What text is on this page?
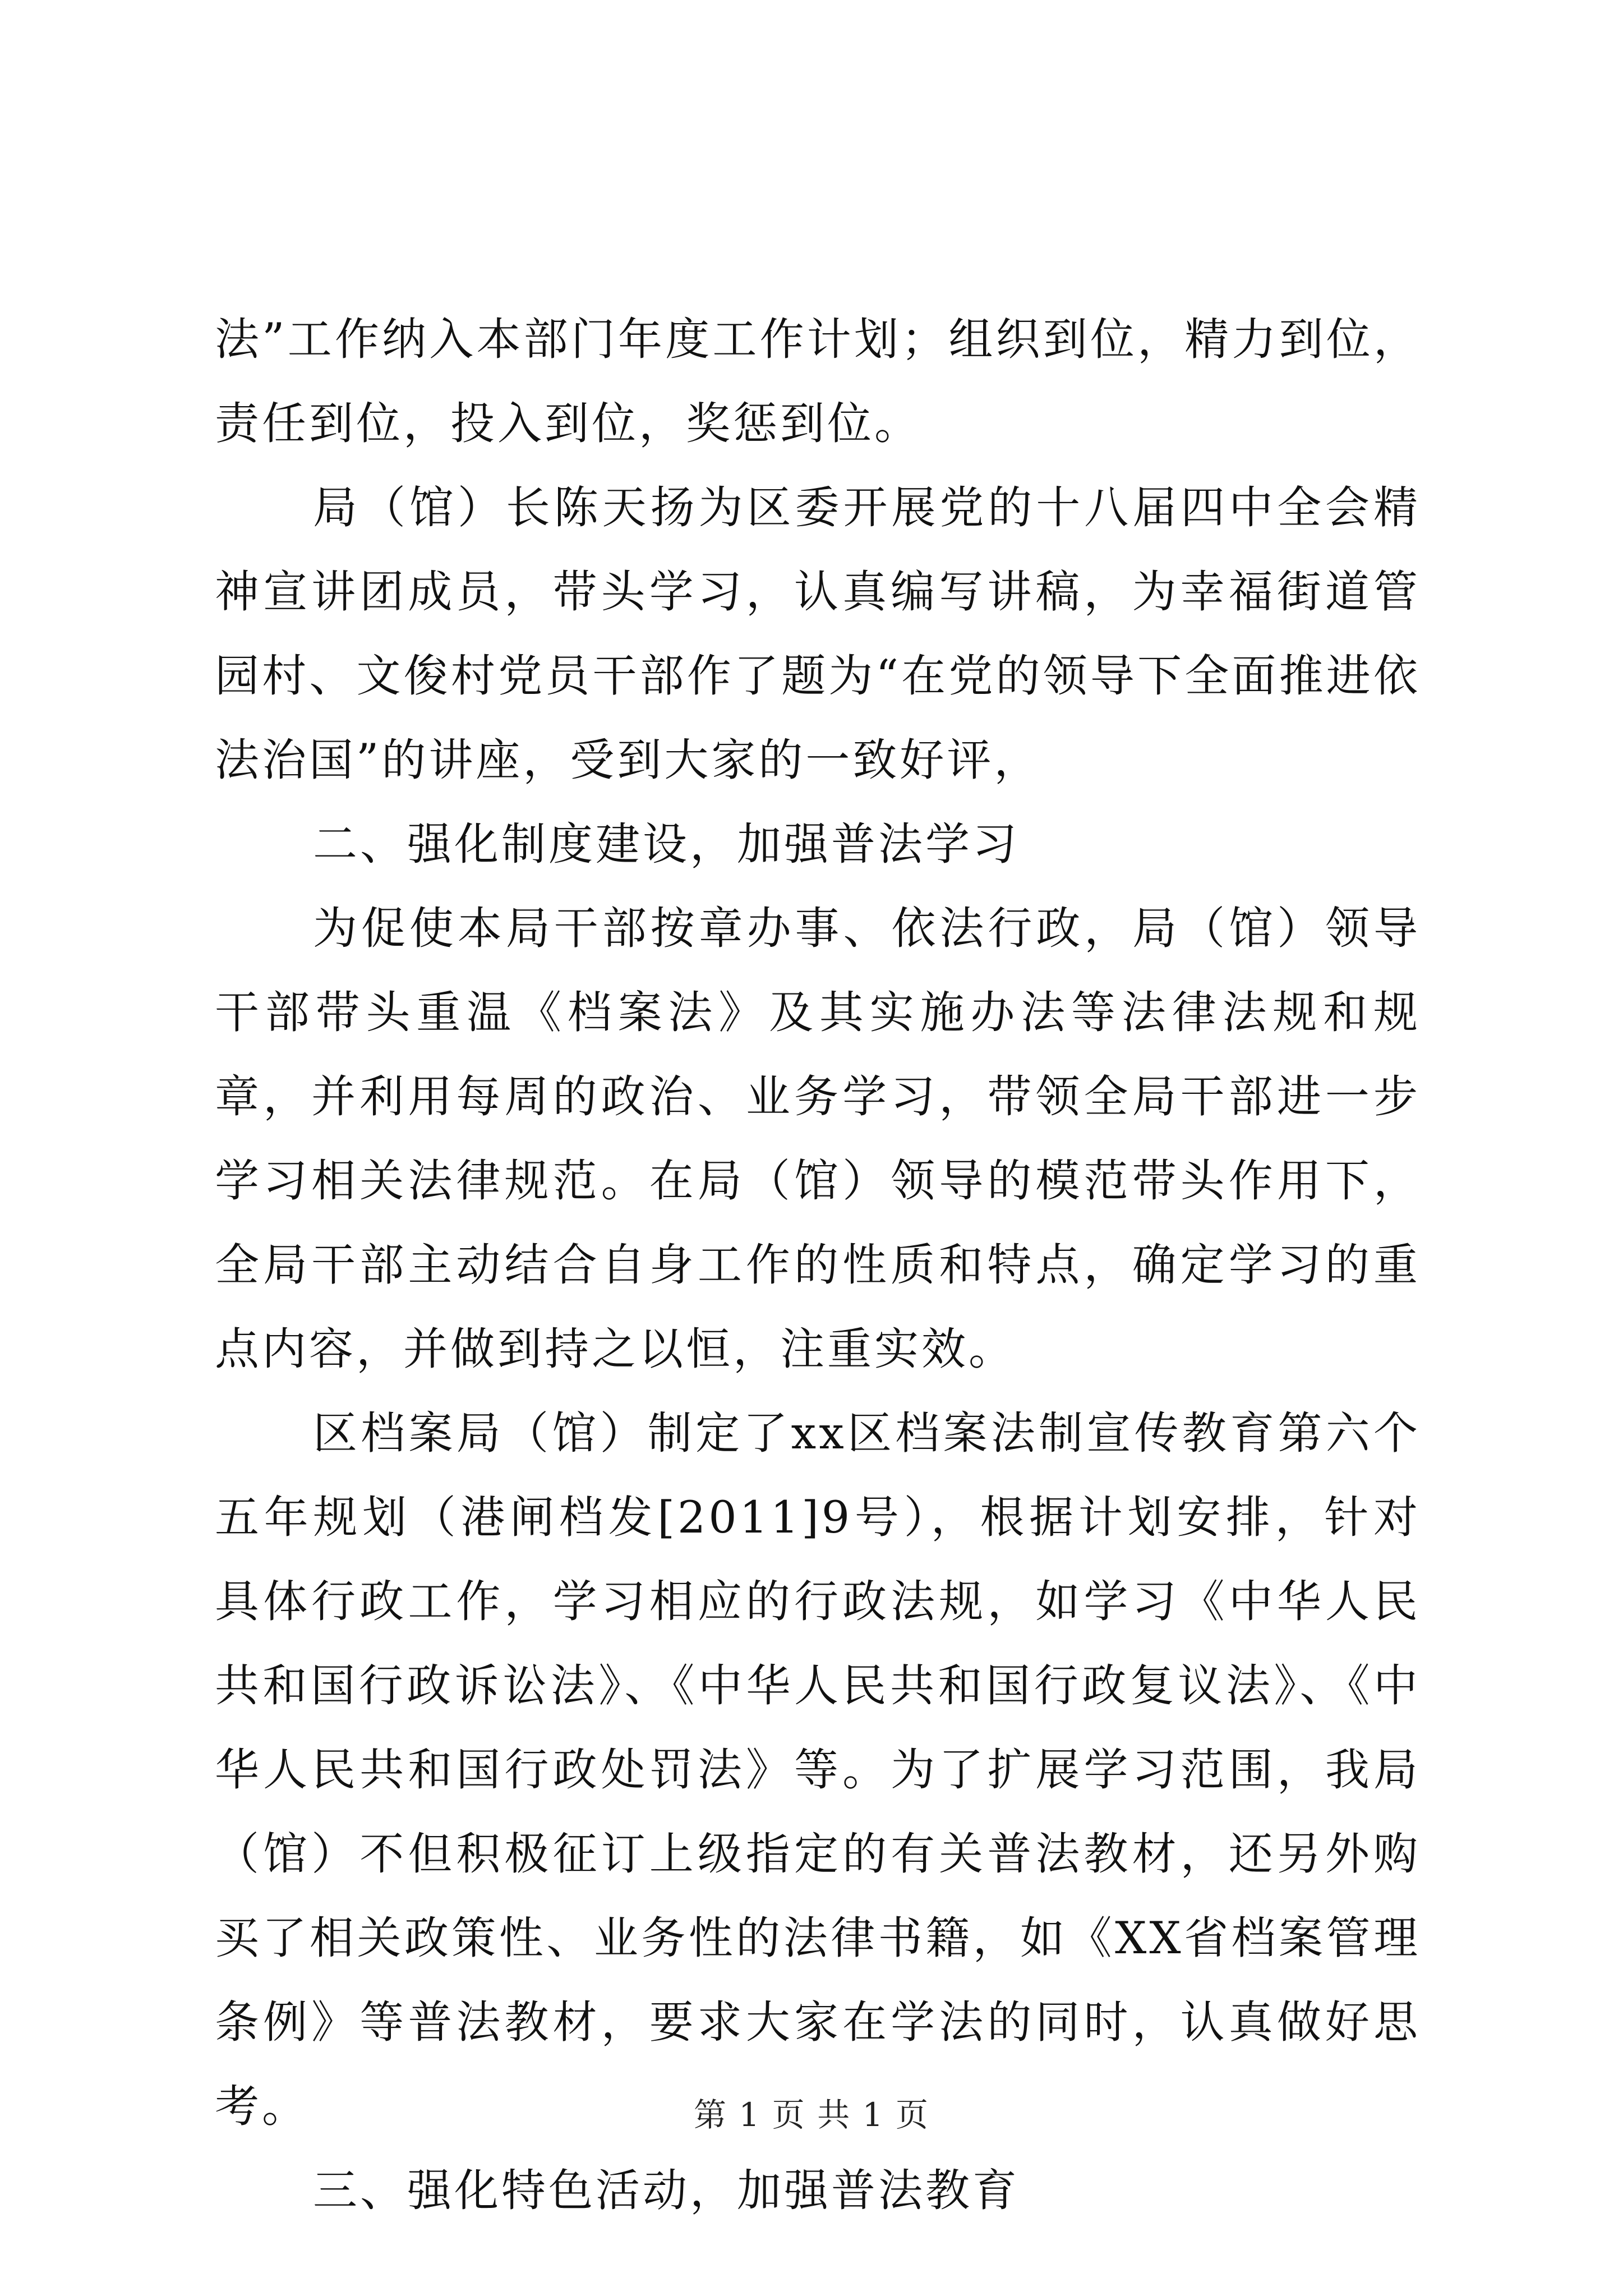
法”工作纳入本部门年度工作计划；组织到位，精力到位，责任到位，投入到位，奖惩到位。

局（馆）长陈天扬为区委开展党的十八届四中全会精神宣讲团成员，带头学习，认真编写讲稿，为幸福街道管园村、文俊村党员干部作了题为“在党的领导下全面推进依法治国”的讲座，受到大家的一致好评，

二、强化制度建设，加强普法学习

为促使本局干部按章办事、依法行政，局（馆）领导干部带头重温《档案法》及其实施办法等法律法规和规章，并利用每周的政治、业务学习，带领全局干部进一步学习相关法律规范。在局（馆）领导的模范带头作用下，全局干部主动结合自身工作的性质和特点，确定学习的重点内容，并做到持之以恒，注重实效。

区档案局（馆）制定了xx区档案法制宣传教育第六个五年规划（港闸档发[2011]9号），根据计划安排，针对具体行政工作，学习相应的行政法规，如学习《中华人民共和国行政诉讼法》、《中华人民共和国行政复议法》、《中华人民共和国行政处罚法》等。为了扩展学习范围，我局（馆）不但积极征订上级指定的有关普法教材，还另外购买了相关政策性、业务性的法律书籍，如《XX省档案管理条例》等普法教材，要求大家在学法的同时，认真做好思考。

三、强化特色活动，加强普法教育

第 1 页 共 1 页
